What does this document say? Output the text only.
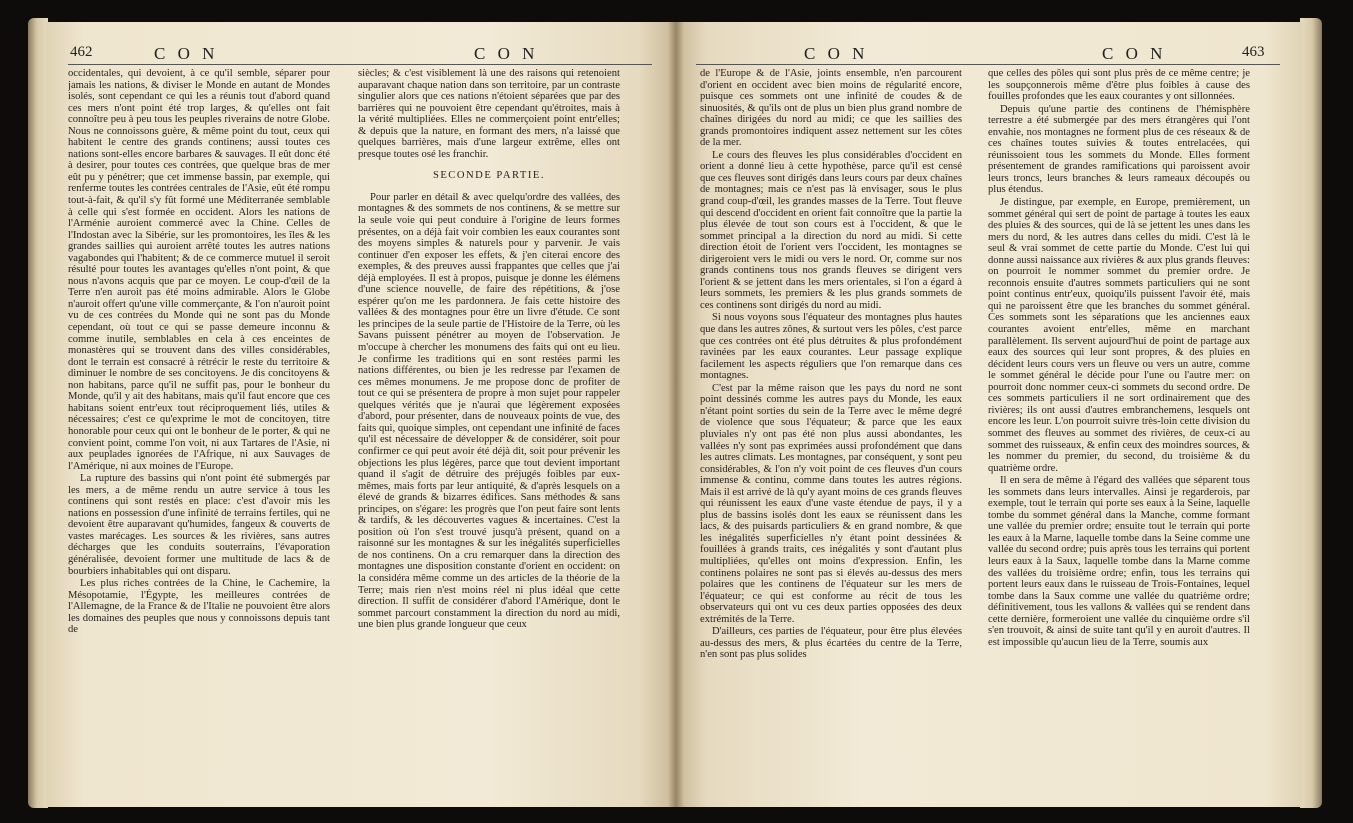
462	C O N	C O N

occidentales, qui devoient, à ce qu'il semble, séparer pour jamais les nations, & diviser le Monde en autant de Mondes isolés, sont cependant ce qui les a réunis tout d'abord quand ces mers n'ont point été trop larges, & qu'elles ont fait connoître peu à peu tous les peuples riverains de notre Globe. Nous ne connoissons guère, & même point du tout, ceux qui habitent le centre des grands continens; aussi toutes ces nations sont-elles encore barbares & sauvages. Il eût donc été à desirer, pour toutes ces contrées, que quelque bras de mer eût pu y pénétrer; que cet immense bassin, par exemple, qui renferme toutes les contrées centrales de l'Asie, eût été rompu tout-à-fait, & qu'il s'y fût formé une Méditerranée semblable à celle qui s'est formée en occident. Alors les nations de l'Arménie auroient commercé avec la Chine. Celles de l'Indostan avec la Sibérie, sur les promontoires, les îles & les grandes saillies qui auroient arrêté toutes les autres nations vagabondes qui l'habitent; & de ce commerce mutuel il seroit résulté pour toutes les avantages qu'elles n'ont point, & que nous n'avons acquis que par ce moyen. Le coup-d'œil de la Terre n'en auroit pas été moins admirable. Alors le Globe n'auroit offert qu'une ville commerçante, & l'on n'auroit point vu de ces contrées du Monde qui ne sont pas du Monde cependant, où tout ce qui se passe demeure inconnu & comme inutile, semblables en cela à ces enceintes de monastères qui se trouvent dans des villes considérables, dont le terrain est consacré à rétrécir le reste du territoire & diminuer le nombre de ses concitoyens. Je dis concitoyens & non habitans, parce qu'il ne suffit pas, pour le bonheur du Monde, qu'il y ait des habitans, mais qu'il faut encore que ces habitans soient entr'eux tout réciproquement liés, utiles & nécessaires; c'est ce qu'exprime le mot de concitoyen, titre honorable pour ceux qui ont le bonheur de le porter, & qui ne convient point, comme l'on voit, ni aux Tartares de l'Asie, ni aux peuplades ignorées de l'Afrique, ni aux Sauvages de l'Amérique, ni aux moines de l'Europe.

La rupture des bassins qui n'ont point été submergés par les mers, a de même rendu un autre service à tous les continens qui sont restés en place: c'est d'avoir mis les nations en possession d'une infinité de terrains fertiles, qui ne devoient être auparavant qu'humides, fangeux & couverts de vastes marécages. Les sources & les rivières, sans autres décharges que les conduits souterrains, l'évaporation généralisée, devoient former une multitude de lacs & de bourbiers inhabitables qui ont disparu.

Les plus riches contrées de la Chine, le Cachemire, la Mésopotamie, l'Égypte, les meilleures contrées de l'Allemagne, de la France & de l'Italie ne pouvoient être alors les domaines des peuples que nous y connoissons depuis tant de

siècles; & c'est visiblement là une des raisons qui retenoient auparavant chaque nation dans son territoire, par un contraste singulier alors que ces nations n'étoient séparées que par des barrières qui ne pouvoient être cependant qu'étroites, mais à la vérité multipliées. Elles ne commerçoient point entr'elles; & depuis que la nature, en formant des mers, n'a laissé que quelques barrières, mais d'une largeur extrême, elles ont presque toutes osé les franchir.

SECONDE PARTIE.

Pour parler en détail & avec quelqu'ordre des vallées, des montagnes & des sommets de nos continens, & se mettre sur la seule voie qui peut conduire à l'origine de leurs formes présentes, on a déjà fait voir combien les eaux courantes sont des moyens simples & naturels pour y parvenir. Je vais continuer d'en exposer les effets, & j'en citerai encore des exemples, & des preuves aussi frappantes que celles que j'ai déjà employées. Il est à propos, puisque je donne les élémens d'une science nouvelle, de faire des répétitions, & j'ose espérer qu'on me les pardonnera. Je fais cette histoire des vallées & des montagnes pour être un livre d'étude. Ce sont les principes de la seule partie de l'Histoire de la Terre, où les Savans puissent pénétrer au moyen de l'observation. Je m'occupe à chercher les monumens des faits qui ont eu lieu. Je confirme les traditions qui en sont restées parmi les nations différentes, ou bien je les redresse par l'examen de ces mêmes monumens. Je me propose donc de profiter de tout ce qui se présentera de propre à mon sujet pour rappeler quelques vérités que je n'aurai que légèrement exposées d'abord, pour présenter, dans de nouveaux points de vue, des faits qui, quoique simples, ont cependant une infinité de faces qu'il est nécessaire de développer & de considérer, soit pour confirmer ce qui peut avoir été déjà dit, soit pour prévenir les objections les plus légères, parce que tout devient important quand il s'agit de détruire des préjugés foibles par eux-mêmes, mais forts par leur antiquité, & d'après lesquels on a élevé de grands & bizarres édifices. Sans méthodes & sans principes, on s'égare: les progrès que l'on peut faire sont lents & tardifs, & les découvertes vagues & incertaines. C'est la position où l'on s'est trouvé jusqu'à présent, quand on a raisonné sur les montagnes & sur les inégalités superficielles de nos continens. On a cru remarquer dans la direction des montagnes une disposition constante d'orient en occident: on la considéra même comme un des articles de la théorie de la Terre; mais rien n'est moins réel ni plus idéal que cette direction. Il suffit de considérer d'abord l'Amérique, dont le sommet parcourt constamment la direction du nord au midi, une bien plus grande longueur que ceux

C O N	C O N	463

de l'Europe & de l'Asie, joints ensemble, n'en parcourent d'orient en occident avec bien moins de régularité encore, puisque ces sommets ont une infinité de coudes & de sinuosités, & qu'ils ont de plus un bien plus grand nombre de chaînes dirigées du nord au midi; ce que les saillies des grands promontoires indiquent assez nettement sur les côtes de la mer.

Le cours des fleuves les plus considérables d'occident en orient a donné lieu à cette hypothèse, parce qu'il est censé que ces fleuves sont dirigés dans leurs cours par deux chaînes de montagnes; mais ce n'est pas là envisager, sous le plus grand coup-d'œil, les grandes masses de la Terre. Tout fleuve qui descend d'occident en orient fait connoître que la partie la plus élevée de tout son cours est à l'occident, & que le sommet principal a la direction du nord au midi. Si cette direction étoit de l'orient vers l'occident, les montagnes se dirigeroient vers le midi ou vers le nord. Or, comme sur nos grands continens tous nos grands fleuves se dirigent vers l'orient & se jettent dans les mers orientales, si l'on a égard à leurs sommets, les premiers & les plus grands sommets de ces continens sont dirigés du nord au midi.

Si nous voyons sous l'équateur des montagnes plus hautes que dans les autres zônes, & surtout vers les pôles, c'est parce que ces contrées ont été plus détruites & plus profondément ravinées par les eaux courantes. Leur passage explique facilement les aspects réguliers que l'on remarque dans ces montagnes.

C'est par la même raison que les pays du nord ne sont point dessinés comme les autres pays du Monde, les eaux n'étant point sorties du sein de la Terre avec le même degré de violence que sous l'équateur; & parce que les eaux pluviales n'y ont pas été non plus aussi abondantes, les vallées n'y sont pas exprimées aussi profondément que dans les autres climats. Les montagnes, par conséquent, y sont peu considérables, & l'on n'y voit point de ces fleuves d'un cours immense & continu, comme dans toutes les autres régions. Mais il est arrivé de là qu'y ayant moins de ces grands fleuves qui réunissent les eaux d'une vaste étendue de pays, il y a plus de bassins isolés dont les eaux se réunissent dans les lacs, & des puisards particuliers & en grand nombre, & que les inégalités superficielles n'y étant point dessinées & fouillées à grands traits, ces inégalités y sont d'autant plus multipliées, qu'elles ont moins d'expression. Enfin, les continens polaires ne sont pas si élevés au-dessus des mers polaires que les continens de l'équateur sur les mers de l'équateur; ce qui est conforme au récit de tous les observateurs qui ont vu ces deux parties opposées des deux extrémités de la Terre.

D'ailleurs, ces parties de l'équateur, pour être plus élevées au-dessus des mers, & plus écartées du centre de la Terre, n'en sont pas plus solides

que celles des pôles qui sont plus près de ce même centre; je les soupçonnerois même d'être plus foibles à cause des fouilles profondes que les eaux courantes y ont sillonnées.

Depuis qu'une partie des continens de l'hémisphère terrestre a été submergée par des mers étrangères qui l'ont envahie, nos montagnes ne forment plus de ces réseaux & de ces chaînes toutes suivies & toutes entrelacées, qui réunissoient tous les sommets du Monde. Elles forment présentement de grandes ramifications qui paroissent avoir leurs troncs, leurs branches & leurs rameaux découpés ou plus étendus.

Je distingue, par exemple, en Europe, premièrement, un sommet général qui sert de point de partage à toutes les eaux des pluies & des sources, qui de là se jettent les unes dans les mers du nord, & les autres dans celles du midi. C'est là le seul & vrai sommet de cette partie du Monde. C'est lui qui donne aussi naissance aux rivières & aux plus grands fleuves: on pourroit le nommer sommet du premier ordre. Je reconnois ensuite d'autres sommets particuliers qui ne sont point continus entr'eux, quoiqu'ils puissent l'avoir été, mais qui ne paroissent être que les branches du sommet général. Ces sommets sont les séparations que les anciennes eaux courantes avoient entr'elles, même en marchant parallèlement. Ils servent aujourd'hui de point de partage aux eaux des sources qui leur sont propres, & des pluies en décident leurs cours vers un fleuve ou vers un autre, comme le sommet général le décide pour l'une ou l'autre mer: on pourroit donc nommer ceux-ci sommets du second ordre. De ces sommets particuliers il ne sort ordinairement que des rivières; ils ont aussi d'autres embranchemens, lesquels ont encore les leur. L'on pourroit suivre très-loin cette division du sommet des fleuves au sommet des rivières, de ceux-ci au sommet des ruisseaux, & enfin ceux des moindres sources, & les nommer du premier, du second, du troisième & du quatrième ordre.

Il en sera de même à l'égard des vallées que séparent tous les sommets dans leurs intervalles. Ainsi je regarderois, par exemple, tout le terrain qui porte ses eaux à la Seine, laquelle tombe du sommet général dans la Manche, comme formant une vallée du premier ordre; ensuite tout le terrain qui porte les eaux à la Marne, laquelle tombe dans la Seine comme une vallée du second ordre; puis après tous les terrains qui portent leurs eaux à la Saux, laquelle tombe dans la Marne comme des vallées du troisième ordre; enfin, tous les terrains qui portent leurs eaux dans le ruisseau de Trois-Fontaines, lequel tombe dans la Saux comme une vallée du quatrième ordre; définitivement, tous les vallons & vallées qui se rendent dans cette dernière, formeroient une vallée du cinquième ordre s'il s'en trouvoit, & ainsi de suite tant qu'il y en auroit d'autres. Il est impossible qu'aucun lieu de la Terre, soumis aux
